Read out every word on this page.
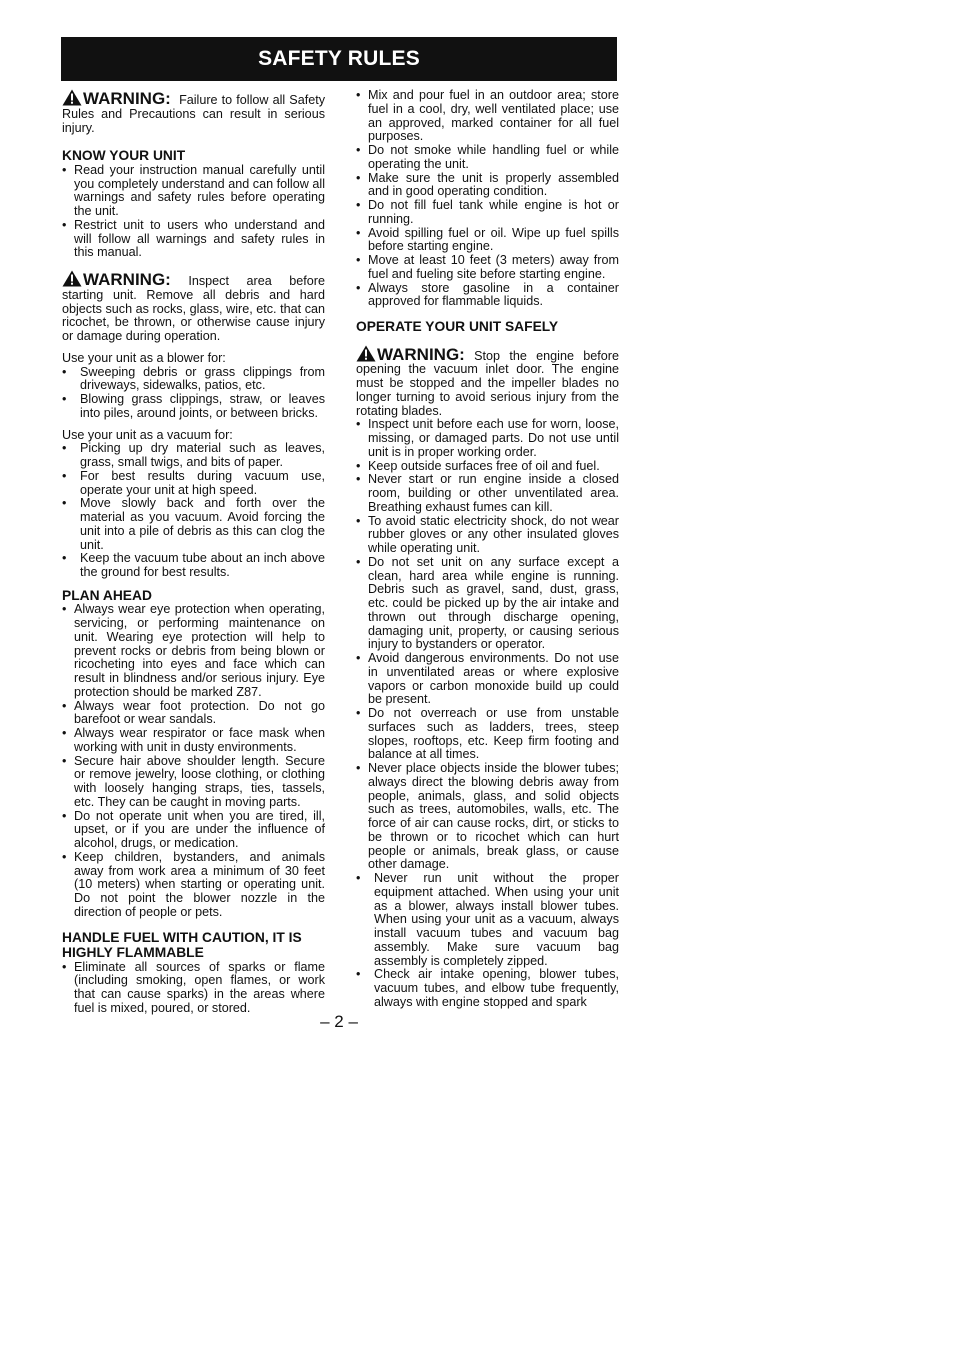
SAFETY RULES

WARNING: Failure to follow all Safety Rules and Precautions can result in serious injury.

KNOW YOUR UNIT
• Read your instruction manual carefully until you completely understand and can follow all warnings and safety rules before operating the unit.
• Restrict unit to users who understand and will follow all warnings and safety rules in this manual.

WARNING: Inspect area before starting unit. Remove all debris and hard objects such as rocks, glass, wire, etc. that can ricochet, be thrown, or otherwise cause injury or damage during operation.

Use your unit as a blower for:

• Sweeping debris or grass clippings from driveways, sidewalks, patios, etc.
• Blowing grass clippings, straw, or leaves into piles, around joints, or between bricks.

Use your unit as a vacuum for:

• Picking up dry material such as leaves, grass, small twigs, and bits of paper.
• For best results during vacuum use, operate your unit at high speed.
• Move slowly back and forth over the material as you vacuum. Avoid forcing the unit into a pile of debris as this can clog the unit.
• Keep the vacuum tube about an inch above the ground for best results.
PLAN AHEAD
• Always wear eye protection when operating, servicing, or performing maintenance on unit. Wearing eye protection will help to prevent rocks or debris from being blown or ricocheting into eyes and face which can result in blindness and/or serious injury. Eye protection should be marked Z87.
• Always wear foot protection. Do not go barefoot or wear sandals.
• Always wear respirator or face mask when working with unit in dusty environments.
• Secure hair above shoulder length. Secure or remove jewelry, loose clothing, or clothing with loosely hanging straps, ties, tassels, etc. They can be caught in moving parts.
• Do not operate unit when you are tired, ill, upset, or if you are under the influence of alcohol, drugs, or medication.
• Keep children, bystanders, and animals away from work area a minimum of 30 feet (10 meters) when starting or operating unit. Do not point the blower nozzle in the direction of people or pets.
HANDLE FUEL WITH CAUTION, IT IS HIGHLY FLAMMABLE
• Eliminate all sources of sparks or flame (including smoking, open flames, or work that can cause sparks) in the areas where fuel is mixed, poured, or stored.
• Mix and pour fuel in an outdoor area; store fuel in a cool, dry, well ventilated place; use an approved, marked container for all fuel purposes.
• Do not smoke while handling fuel or while operating the unit.
• Make sure the unit is properly assembled and in good operating condition.
• Do not fill fuel tank while engine is hot or running.
• Avoid spilling fuel or oil. Wipe up fuel spills before starting engine.
• Move at least 10 feet (3 meters) away from fuel and fueling site before starting engine.
• Always store gasoline in a container approved for flammable liquids.
OPERATE YOUR UNIT SAFELY

WARNING: Stop the engine before opening the vacuum inlet door. The engine must be stopped and the impeller blades no longer turning to avoid serious injury from the rotating blades.

• Inspect unit before each use for worn, loose, missing, or damaged parts. Do not use until unit is in proper working order.
• Keep outside surfaces free of oil and fuel.
• Never start or run engine inside a closed room, building or other unventilated area. Breathing exhaust fumes can kill.
• To avoid static electricity shock, do not wear rubber gloves or any other insulated gloves while operating unit.
• Do not set unit on any surface except a clean, hard area while engine is running. Debris such as gravel, sand, dust, grass, etc. could be picked up by the air intake and thrown out through discharge opening, damaging unit, property, or causing serious injury to bystanders or operator.
• Avoid dangerous environments. Do not use in unventilated areas or where explosive vapors or carbon monoxide build up could be present.
• Do not overreach or use from unstable surfaces such as ladders, trees, steep slopes, rooftops, etc. Keep firm footing and balance at all times.
• Never place objects inside the blower tubes; always direct the blowing debris away from people, animals, glass, and solid objects such as trees, automobiles, walls, etc. The force of air can cause rocks, dirt, or sticks to be thrown or to ricochet which can hurt people or animals, break glass, or cause other damage.
• Never run unit without the proper equipment attached. When using your unit as a blower, always install blower tubes. When using your unit as a vacuum, always install vacuum tubes and vacuum bag assembly. Make sure vacuum bag assembly is completely zipped.
• Check air intake opening, blower tubes, vacuum tubes, and elbow tube frequently, always with engine stopped and spark
– 2 –
